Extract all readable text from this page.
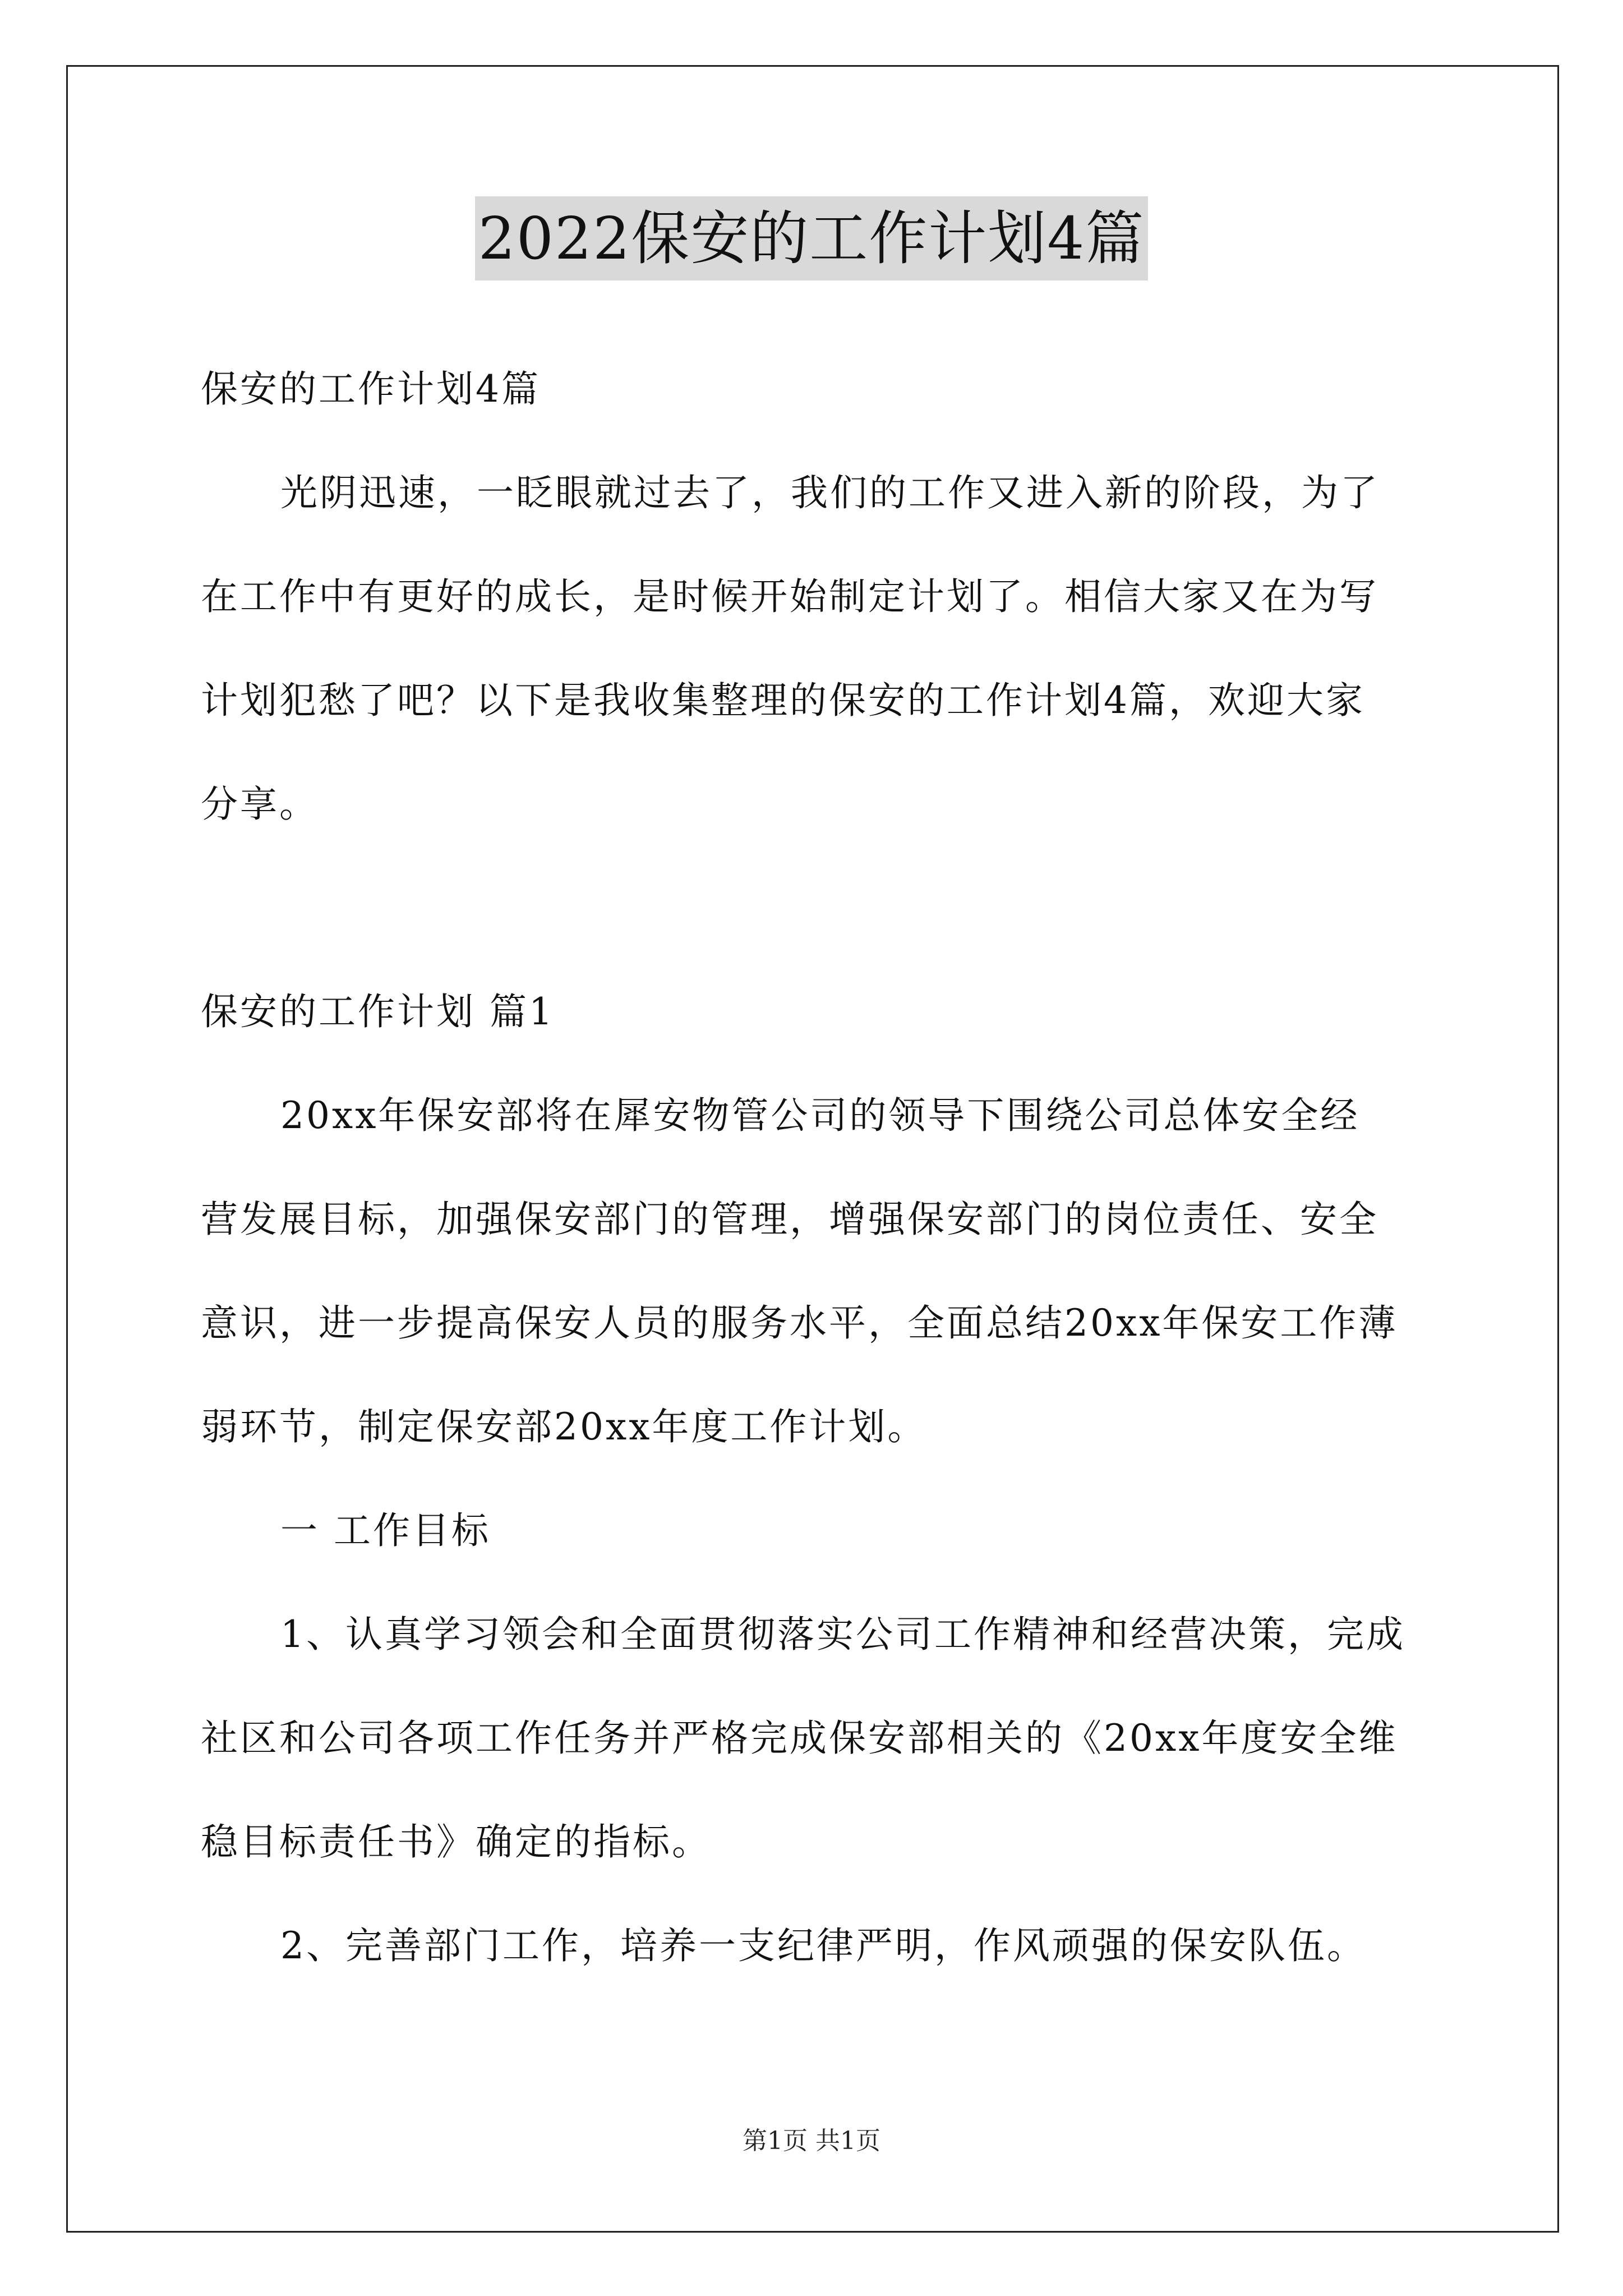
2022保安的工作计划4篇
保安的工作计划4篇
光阴迅速，一眨眼就过去了，我们的工作又进入新的阶段，为了
在工作中有更好的成长，是时候开始制定计划了。相信大家又在为写
计划犯愁了吧？以下是我收集整理的保安的工作计划4篇，欢迎大家
分享。
保安的工作计划 篇1
20xx年保安部将在犀安物管公司的领导下围绕公司总体安全经
营发展目标，加强保安部门的管理，增强保安部门的岗位责任、安全
意识，进一步提高保安人员的服务水平，全面总结20xx年保安工作薄
弱环节，制定保安部20xx年度工作计划。
一 工作目标
1、认真学习领会和全面贯彻落实公司工作精神和经营决策，完成
社区和公司各项工作任务并严格完成保安部相关的《20xx年度安全维
稳目标责任书》确定的指标。
2、完善部门工作，培养一支纪律严明，作风顽强的保安队伍。
第1页 共1页
